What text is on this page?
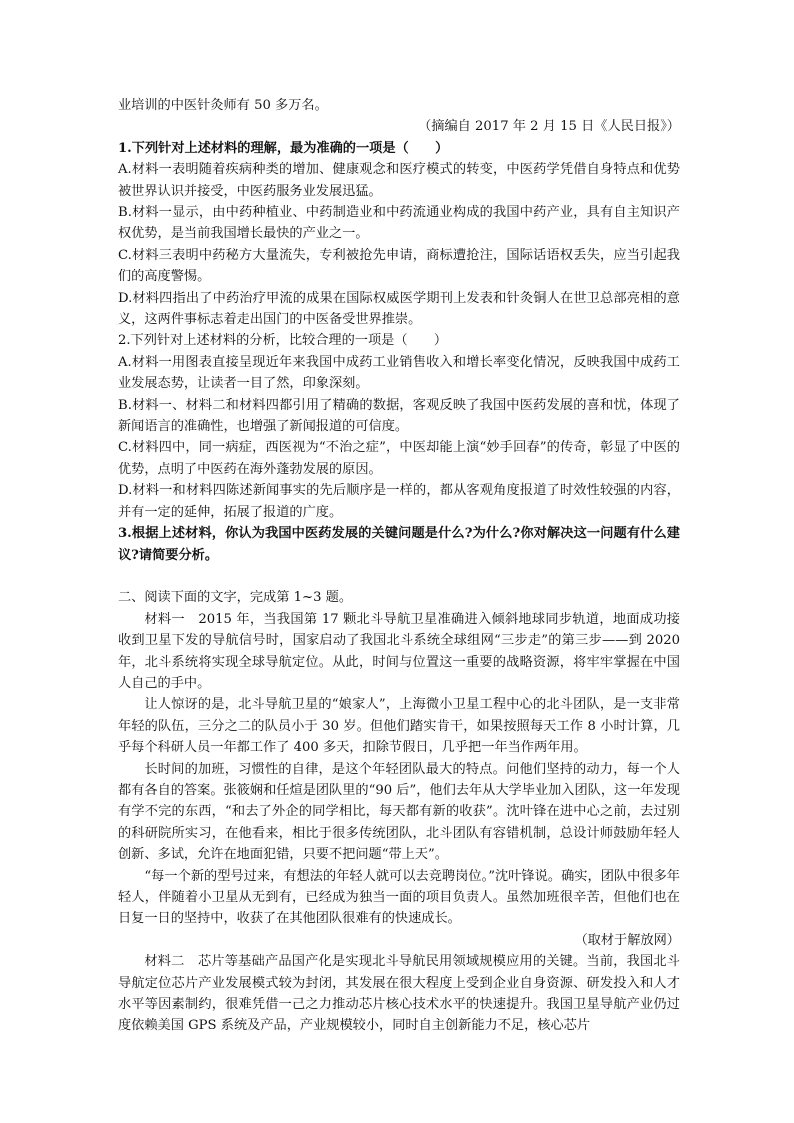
业培训的中医针灸师有 50 多万名。

（摘编自 2017 年 2 月 15 日《人民日报》）

1.下列针对上述材料的理解，最为准确的一项是（　　）

A.材料一表明随着疾病种类的增加、健康观念和医疗模式的转变，中医药学凭借自身特点和优势被世界认识并接受，中医药服务业发展迅猛。

B.材料一显示，由中药种植业、中药制造业和中药流通业构成的我国中药产业，具有自主知识产权优势，是当前我国增长最快的产业之一。

C.材料三表明中药秘方大量流失，专利被抢先申请，商标遭抢注，国际话语权丢失，应当引起我们的高度警惕。

D.材料四指出了中药治疗甲流的成果在国际权威医学期刊上发表和针灸铜人在世卫总部亮相的意义，这两件事标志着走出国门的中医备受世界推崇。

2.下列针对上述材料的分析，比较合理的一项是（　　）

A.材料一用图表直接呈现近年来我国中成药工业销售收入和增长率变化情况，反映我国中成药工业发展态势，让读者一目了然，印象深刻。

B.材料一、材料二和材料四都引用了精确的数据，客观反映了我国中医药发展的喜和忧，体现了新闻语言的准确性，也增强了新闻报道的可信度。

C.材料四中，同一病症，西医视为“不治之症”，中医却能上演“妙手回春”的传奇，彰显了中医的优势，点明了中医药在海外蓬勃发展的原因。

D.材料一和材料四陈述新闻事实的先后顺序是一样的，都从客观角度报道了时效性较强的内容，并有一定的延伸，拓展了报道的广度。

3.根据上述材料，你认为我国中医药发展的关键问题是什么?为什么?你对解决这一问题有什么建议?请简要分析。

二、阅读下面的文字，完成第 1~3 题。

材料一　2015 年，当我国第 17 颗北斗导航卫星准确进入倾斜地球同步轨道，地面成功接收到卫星下发的导航信号时，国家启动了我国北斗系统全球组网“三步走”的第三步——到 2020 年，北斗系统将实现全球导航定位。从此，时间与位置这一重要的战略资源，将牢牢掌握在中国人自己的手中。

让人惊讶的是，北斗导航卫星的“娘家人”，上海微小卫星工程中心的北斗团队，是一支非常年轻的队伍，三分之二的队员小于 30 岁。但他们踏实肯干，如果按照每天工作 8 小时计算，几乎每个科研人员一年都工作了 400 多天，扣除节假日，几乎把一年当作两年用。

长时间的加班，习惯性的自律，是这个年轻团队最大的特点。问他们坚持的动力，每一个人都有各自的答案。张筱娴和任煊是团队里的“90 后”，他们去年从大学毕业加入团队，这一年发现有学不完的东西，“和去了外企的同学相比，每天都有新的收获”。沈叶锋在进中心之前，去过别的科研院所实习，在他看来，相比于很多传统团队，北斗团队有容错机制，总设计师鼓励年轻人创新、多试，允许在地面犯错，只要不把问题“带上天”。

“每一个新的型号过来，有想法的年轻人就可以去竞聘岗位。”沈叶锋说。确实，团队中很多年轻人，伴随着小卫星从无到有，已经成为独当一面的项目负责人。虽然加班很辛苦，但他们也在日复一日的坚持中，收获了在其他团队很难有的快速成长。

（取材于解放网）

材料二　芯片等基础产品国产化是实现北斗导航民用领域规模应用的关键。当前，我国北斗导航定位芯片产业发展模式较为封闭，其发展在很大程度上受到企业自身资源、研发投入和人才水平等因素制约，很难凭借一己之力推动芯片核心技术水平的快速提升。我国卫星导航产业仍过度依赖美国 GPS 系统及产品，产业规模较小，同时自主创新能力不足，核心芯片
